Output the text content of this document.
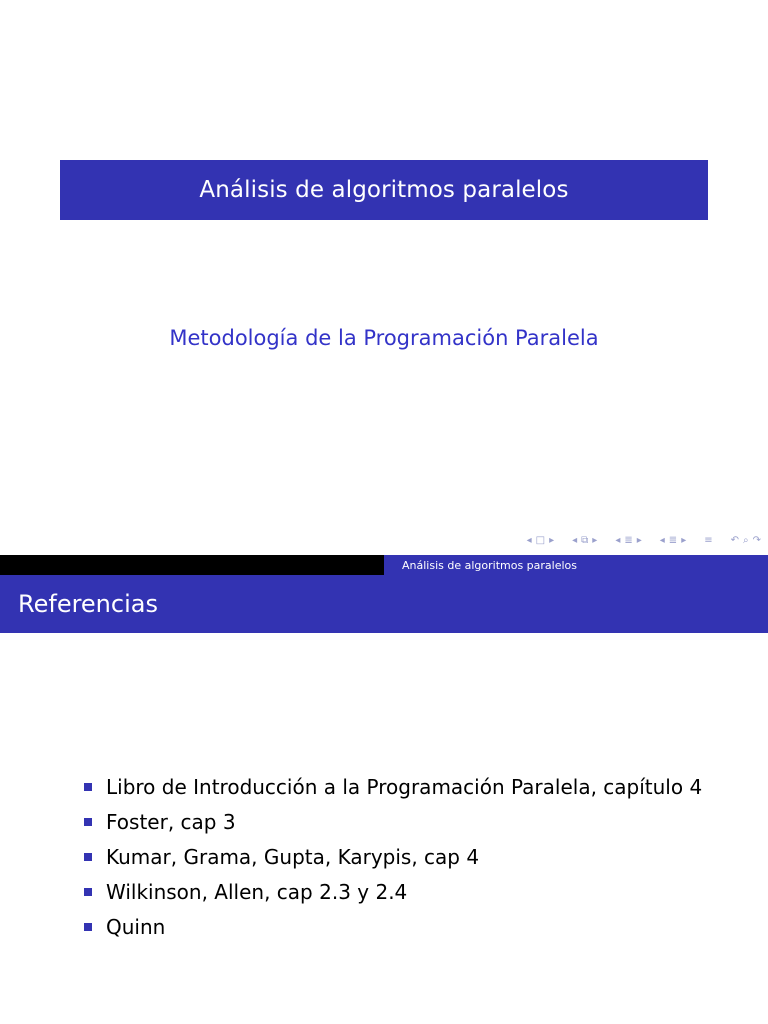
Análisis de algoritmos paralelos
Metodología de la Programación Paralela
◂ □ ▸ ◂ ⧉ ▸ ◂ ≣ ▸ ◂ ≣ ▸ ≡ ↶ ⌕ ↷
Análisis de algoritmos paralelos
Referencias
Libro de Introducción a la Programación Paralela, capítulo 4
Foster, cap 3
Kumar, Grama, Gupta, Karypis, cap 4
Wilkinson, Allen, cap 2.3 y 2.4
Quinn
